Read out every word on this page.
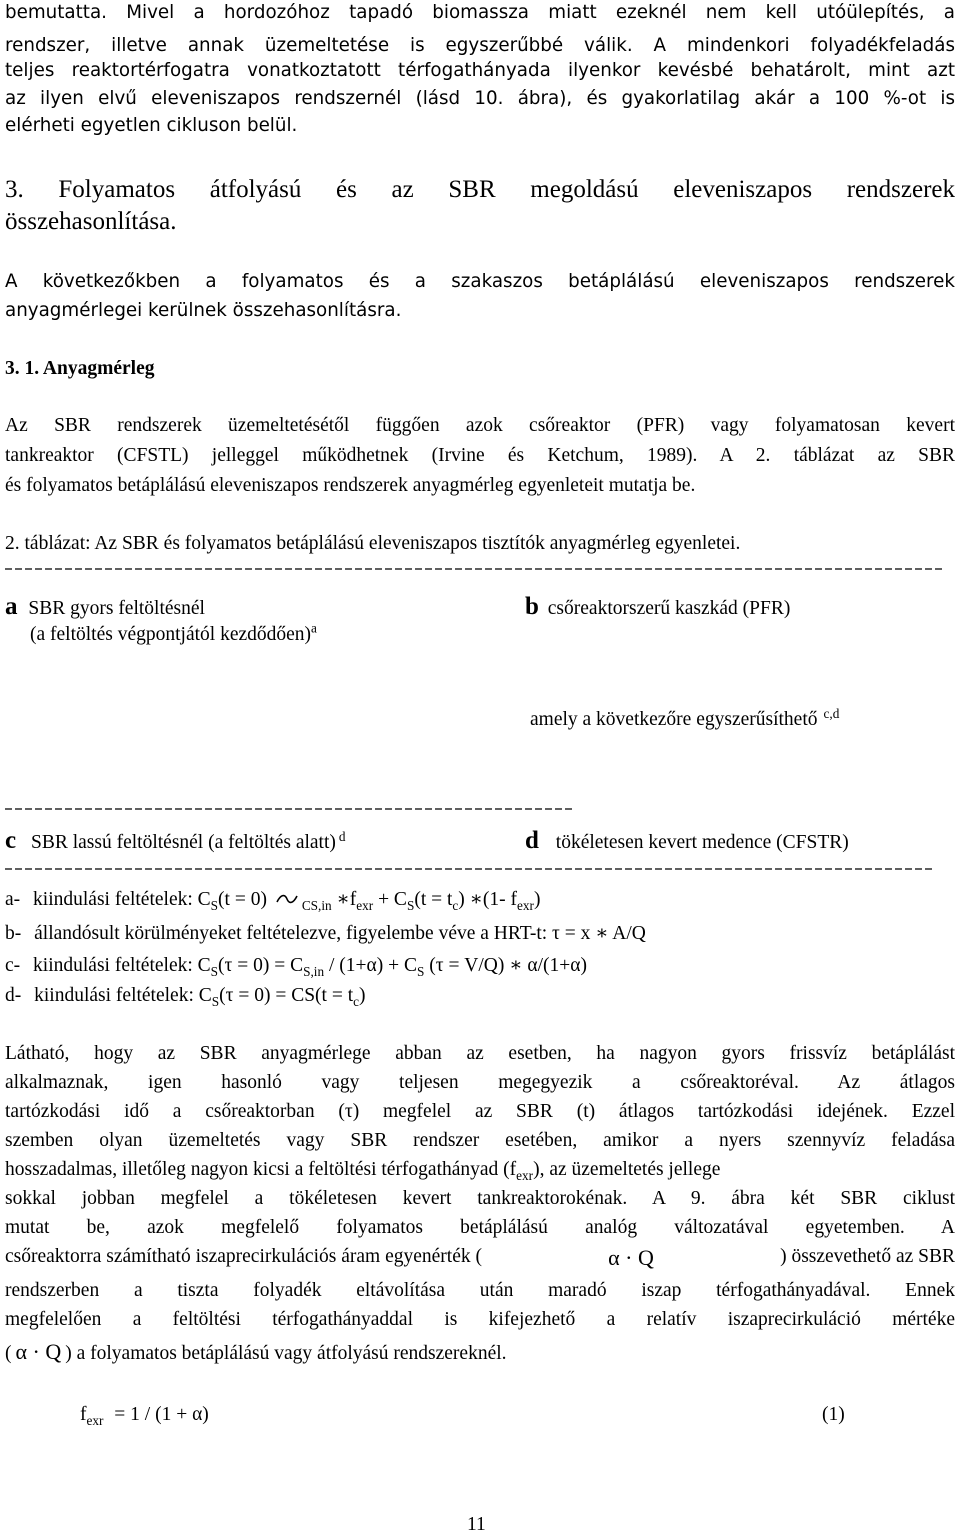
bemutatta. Mivel a hordozóhoz tapadó biomassza miatt ezeknél nem kell utóülepítés, a
rendszer, illetve annak üzemeltetése is egyszerűbbé válik. A mindenkori folyadékfeladás
teljes reaktortérfogatra vonatkoztatott térfogathányada ilyenkor kevésbé behatárolt, mint azt
az ilyen elvű eleveniszapos rendszernél (lásd 10. ábra), és gyakorlatilag akár a 100 %-ot is
elérheti egyetlen cikluson belül.
3. Folyamatos átfolyású és az SBR megoldású eleveniszapos rendszerek
összehasonlítása.
A következőkben a folyamatos és a szakaszos betáplálású eleveniszapos rendszerek
anyagmérlegei kerülnek összehasonlításra.
3. 1. Anyagmérleg
Az SBR rendszerek üzemeltetésétől függően azok csőreaktor (PFR) vagy folyamatosan kevert
tankreaktor (CFSTL) jelleggel működhetnek (Irvine és Ketchum, 1989). A 2. táblázat az SBR
és folyamatos betáplálású eleveniszapos rendszerek anyagmérleg egyenleteit mutatja be.
2. táblázat: Az SBR és folyamatos betáplálású eleveniszapos tisztítók anyagmérleg egyenletei.
a SBR gyors feltöltésnél
(a feltöltés végpontjától kezdődően)$^a$
b csőreaktorszerű kaszkád (PFR)
amely a következőre egyszerűsíthető $^{c,d}$
c SBR lassú feltöltésnél (a feltöltés alatt) $^d$	d tökéletesen kevert medence (CFSTR)
a- kiindulási feltételek: $C_S(t = 0)$	$_{CS,in}$ $∗f_{exr} + C_S(t = t_c)$ ∗(1- $f_{exr}$)
b- állandósult körülményeket feltételezve, figyelembe véve a HRT-t: τ = x ∗ A/Q
c- kiindulási feltételek: $C_S(\tau = 0) = C_{S,in} / (1+\alpha) + C_S$ (τ = V/Q) ∗ α/(1+α)
d- kiindulási feltételek: $C_S(\tau = 0) = CS(t = t_c)$
Látható, hogy az SBR anyagmérlege abban az esetben, ha nagyon gyors frissvíz betáplálást
alkalmaznak, igen hasonló vagy teljesen megegyezik a csőreaktoréval. Az átlagos
tartózkodási idő a csőreaktorban (τ) megfelel az SBR (t) átlagos tartózkodási idejének. Ezzel
szemben olyan üzemeltetés vagy SBR rendszer esetében, amikor a nyers szennyvíz feladása
hosszadalmas, illetőleg nagyon kicsi a feltöltési térfogathányad $(f_{exr})$, az üzemeltetés jellege
sokkal jobban megfelel a tökéletesen kevert tankreaktorokénak. A 9. ábra két SBR ciklust
mutat be, azok megfelelő folyamatos betáplálású analóg változatával egyetemben. A
csőreaktorra számítható iszaprecirkulációs áram egyenérték (	α · Q	) összevethető az SBR
rendszerben a tiszta folyadék eltávolítása után maradó iszap térfogathányadával. Ennek
megfelelően a feltöltési térfogathányaddal is kifejezhető a relatív iszaprecirkuláció mértéke
( α · Q ) a folyamatos betáplálású vagy átfolyású rendszereknél.
$f_{exr} = 1 / (1 + \alpha)$	(1)
11
